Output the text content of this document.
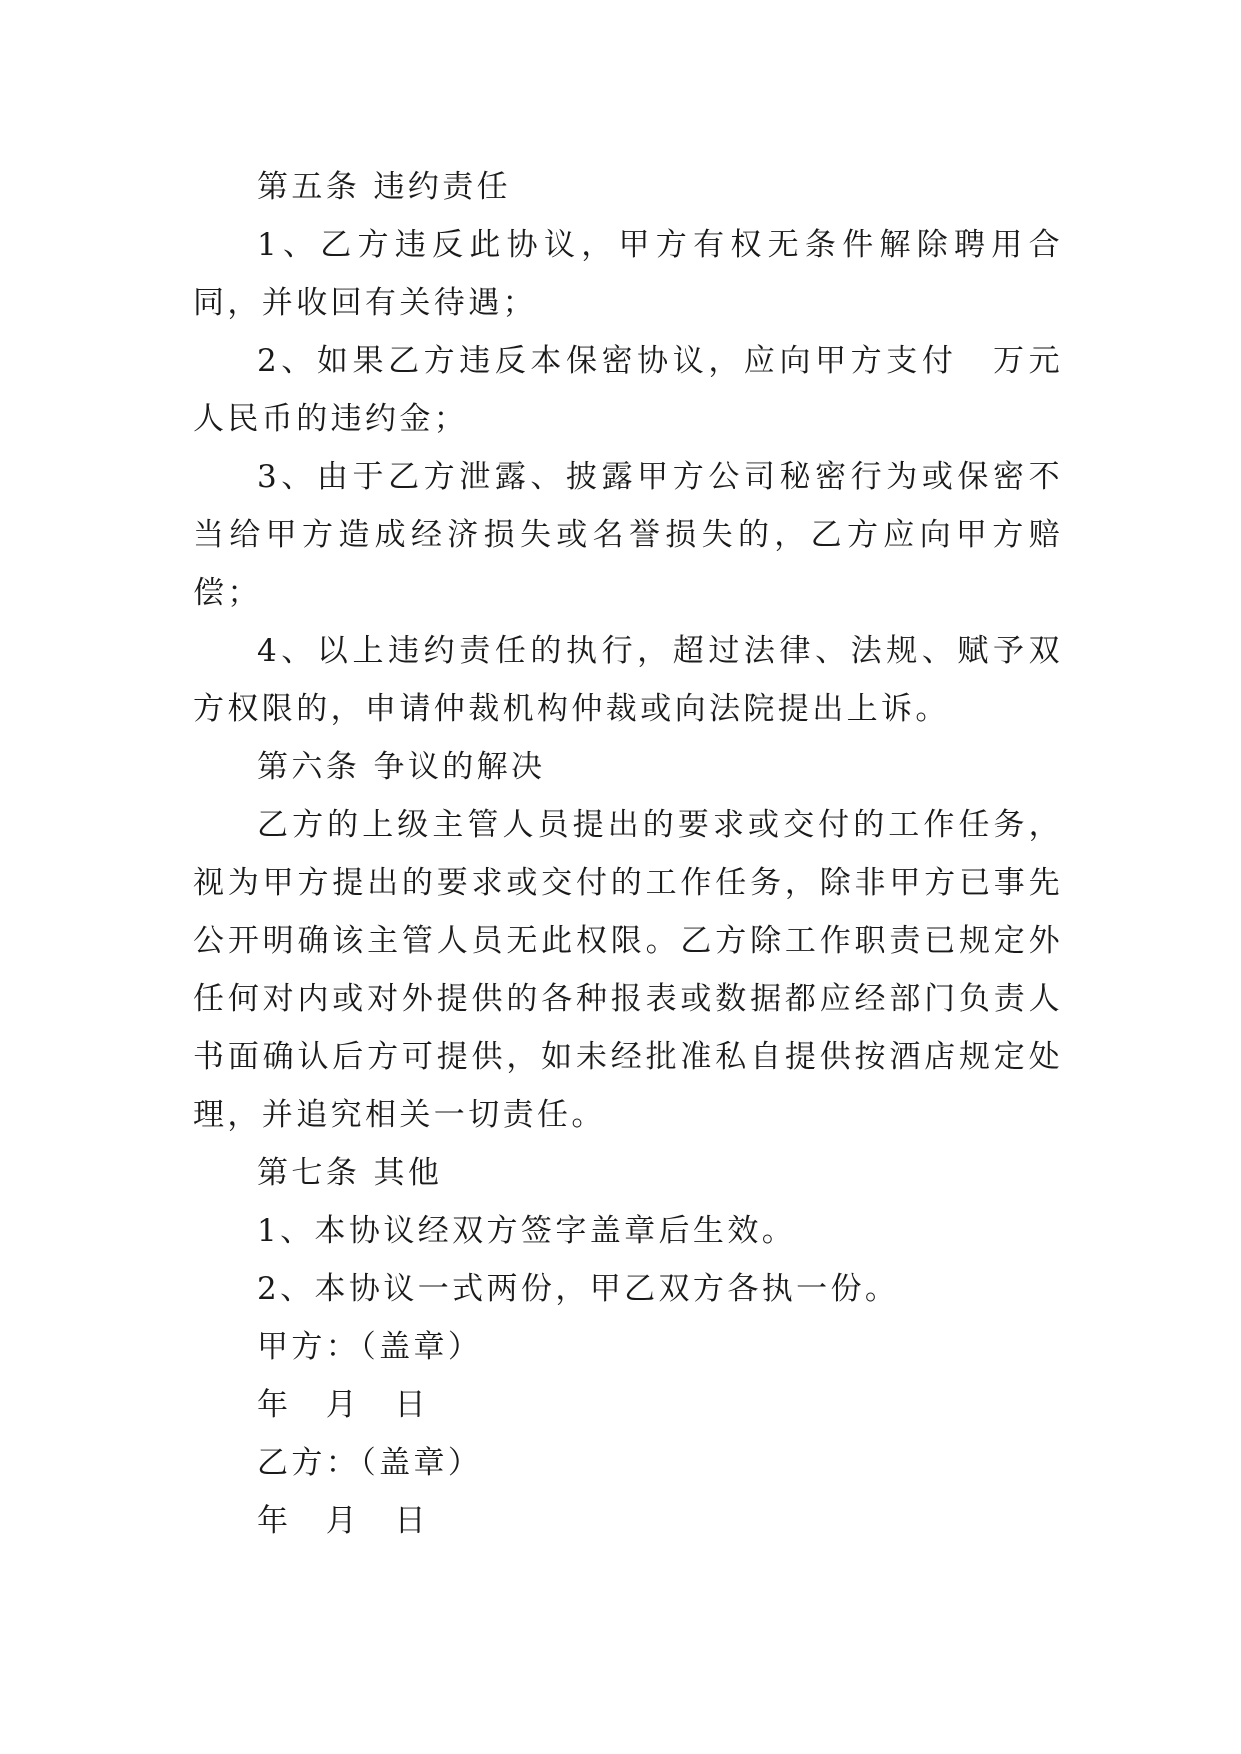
第五条 违约责任

1、乙方违反此协议，甲方有权无条件解除聘用合同，并收回有关待遇；

2、如果乙方违反本保密协议，应向甲方支付　万元人民币的违约金；

3、由于乙方泄露、披露甲方公司秘密行为或保密不当给甲方造成经济损失或名誉损失的，乙方应向甲方赔偿；

4、以上违约责任的执行，超过法律、法规、赋予双方权限的，申请仲裁机构仲裁或向法院提出上诉。

第六条 争议的解决

乙方的上级主管人员提出的要求或交付的工作任务，视为甲方提出的要求或交付的工作任务，除非甲方已事先公开明确该主管人员无此权限。乙方除工作职责已规定外任何对内或对外提供的各种报表或数据都应经部门负责人书面确认后方可提供，如未经批准私自提供按酒店规定处理，并追究相关一切责任。

第七条 其他

1、本协议经双方签字盖章后生效。

2、本协议一式两份，甲乙双方各执一份。

甲方：（盖章）

年　月　日

乙方：（盖章）

年　月　日
